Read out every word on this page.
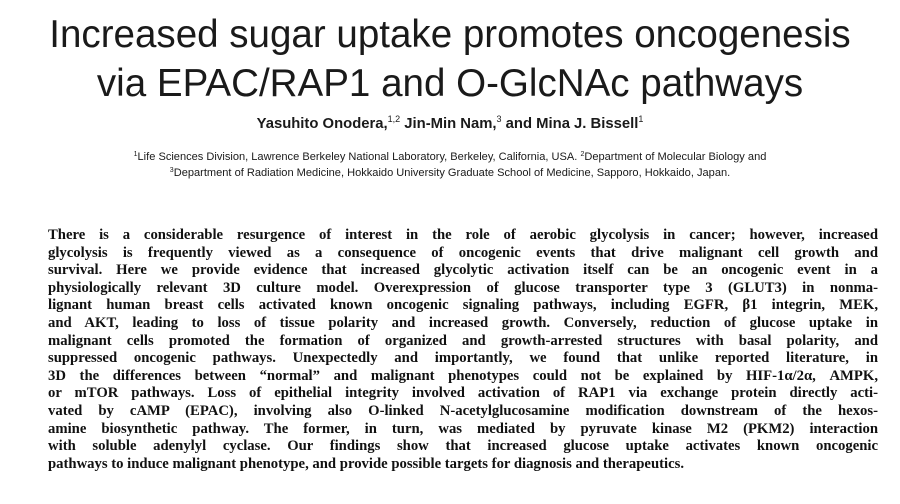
Increased sugar uptake promotes oncogenesis
via EPAC/RAP1 and O-GlcNAc pathways
Yasuhito Onodera,$^{1,2}$ Jin-Min Nam,$^3$ and Mina J. Bissell$^1$
$^1$Life Sciences Division, Lawrence Berkeley National Laboratory, Berkeley, California, USA. $^2$Department of Molecular Biology and
$^3$Department of Radiation Medicine, Hokkaido University Graduate School of Medicine, Sapporo, Hokkaido, Japan.
There is a considerable resurgence of interest in the role of aerobic glycolysis in cancer; however, increased
glycolysis is frequently viewed as a consequence of oncogenic events that drive malignant cell growth and
survival. Here we provide evidence that increased glycolytic activation itself can be an oncogenic event in a
physiologically relevant 3D culture model. Overexpression of glucose transporter type 3 (GLUT3) in nonma-
lignant human breast cells activated known oncogenic signaling pathways, including EGFR, β1 integrin, MEK,
and AKT, leading to loss of tissue polarity and increased growth. Conversely, reduction of glucose uptake in
malignant cells promoted the formation of organized and growth-arrested structures with basal polarity, and
suppressed oncogenic pathways. Unexpectedly and importantly, we found that unlike reported literature, in
3D the differences between “normal” and malignant phenotypes could not be explained by HIF-1α/2α, AMPK,
or mTOR pathways. Loss of epithelial integrity involved activation of RAP1 via exchange protein directly acti-
vated by cAMP (EPAC), involving also O-linked N-acetylglucosamine modification downstream of the hexos-
amine biosynthetic pathway. The former, in turn, was mediated by pyruvate kinase M2 (PKM2) interaction
with soluble adenylyl cyclase. Our findings show that increased glucose uptake activates known oncogenic
pathways to induce malignant phenotype, and provide possible targets for diagnosis and therapeutics.
